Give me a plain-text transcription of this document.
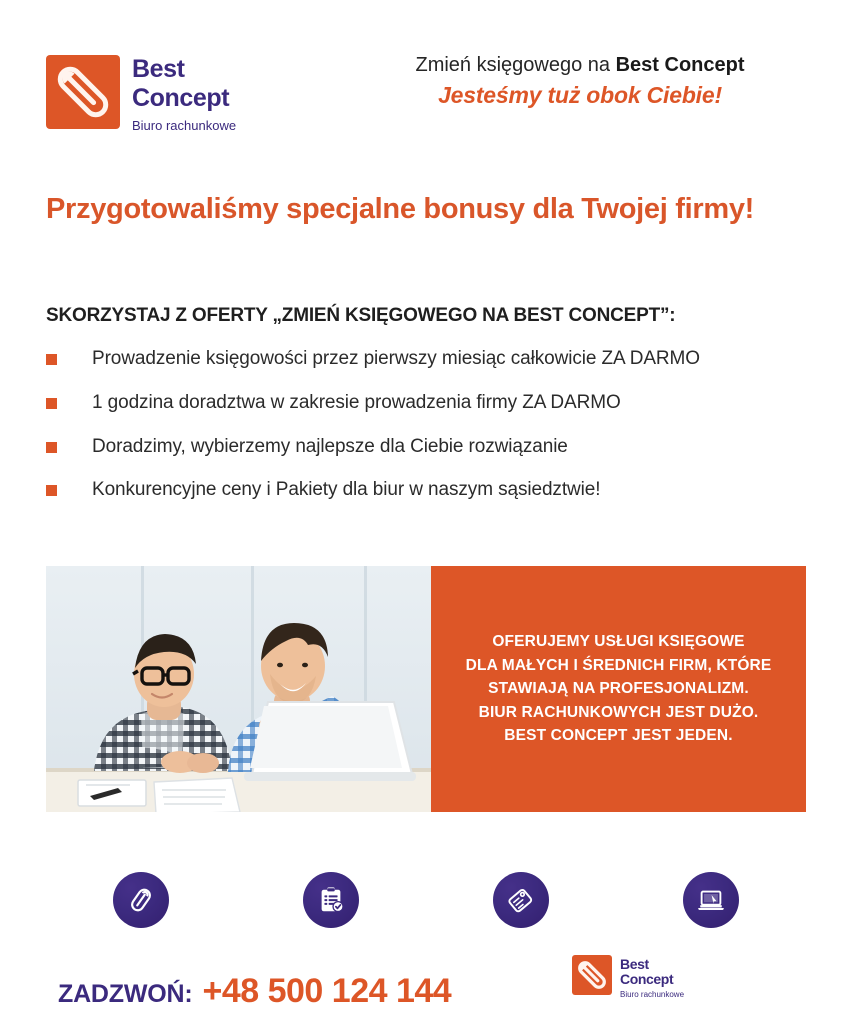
Best
Concept
Biuro rachunkowe
Zmień księgowego na Best Concept
Jesteśmy tuż obok Ciebie!
Przygotowaliśmy specjalne bonusy dla Twojej firmy!
SKORZYSTAJ Z OFERTY „ZMIEŃ KSIĘGOWEGO NA BEST CONCEPT”:
Prowadzenie księgowości przez pierwszy miesiąc całkowicie ZA DARMO
1 godzina doradztwa w zakresie prowadzenia firmy ZA DARMO
Doradzimy, wybierzemy najlepsze dla Ciebie rozwiązanie
Konkurencyjne ceny i Pakiety dla biur w naszym sąsiedztwie!
OFERUJEMY USŁUGI KSIĘGOWE
DLA MAŁYCH I ŚREDNICH FIRM, KTÓRE
STAWIAJĄ NA PROFESJONALIZM.
BIUR RACHUNKOWYCH JEST DUŻO.
BEST CONCEPT JEST JEDEN.
ZADZWOŃ: +48 500 124 144
Best
Concept
Biuro rachunkowe
